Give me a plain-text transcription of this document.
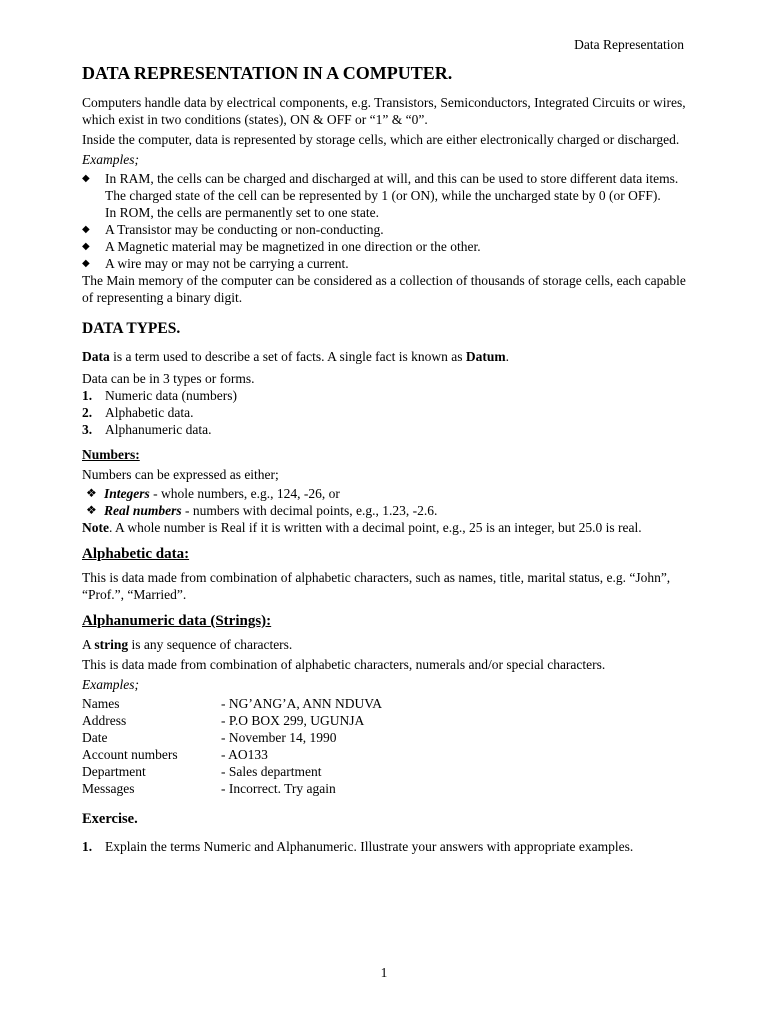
Data Representation
DATA REPRESENTATION IN A COMPUTER.

Computers handle data by electrical components, e.g. Transistors, Semiconductors, Integrated Circuits or wires, which exist in two conditions (states), ON & OFF or “1” & “0”.

Inside the computer, data is represented by storage cells, which are either electronically charged or discharged.

Examples;

◆ In RAM, the cells can be charged and discharged at will, and this can be used to store different data items. The charged state of the cell can be represented by 1 (or ON), while the uncharged state by 0 (or OFF).
In ROM, the cells are permanently set to one state.
◆ A Transistor may be conducting or non-conducting.
◆ A Magnetic material may be magnetized in one direction or the other.
◆ A wire may or may not be carrying a current.

The Main memory of the computer can be considered as a collection of thousands of storage cells, each capable of representing a binary digit.

DATA TYPES.

Data is a term used to describe a set of facts. A single fact is known as Datum.

Data can be in 3 types or forms.

1. Numeric data (numbers)
2. Alphabetic data.
3. Alphanumeric data.
Numbers:

Numbers can be expressed as either;

❖ Integers - whole numbers, e.g., 124, -26, or
❖ Real numbers - numbers with decimal points, e.g., 1.23, -2.6.

Note. A whole number is Real if it is written with a decimal point, e.g., 25 is an integer, but 25.0 is real.

Alphabetic data:

This is data made from combination of alphabetic characters, such as names, title, marital status, e.g. “John”, “Prof.”, “Married”.

Alphanumeric data (Strings):

A string is any sequence of characters.

This is data made from combination of alphabetic characters, numerals and/or special characters.

Examples;

Names	- NG’ANG’A, ANN NDUVA
Address	- P.O BOX 299, UGUNJA
Date	- November 14, 1990
Account numbers	- AO133
Department	- Sales department
Messages	- Incorrect. Try again
Exercise.
1. Explain the terms Numeric and Alphanumeric. Illustrate your answers with appropriate examples.
1
